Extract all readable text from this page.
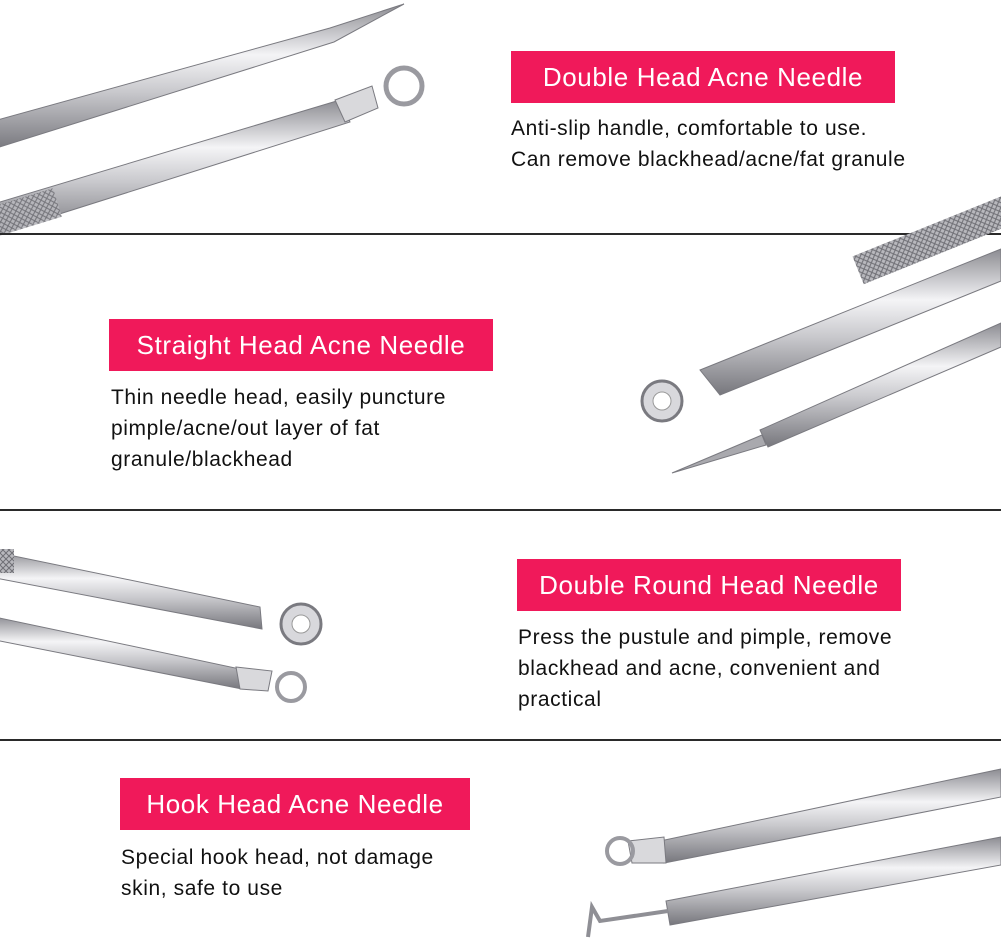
Double Head Acne Needle
Anti-slip handle, comfortable to use.
Can remove blackhead/acne/fat granule
Straight Head Acne Needle
Thin needle head, easily puncture
pimple/acne/out layer of fat
granule/blackhead
Double Round Head Needle
Press the pustule and pimple, remove
blackhead and acne, convenient and
practical
Hook Head Acne Needle
Special hook head, not damage
skin, safe to use
